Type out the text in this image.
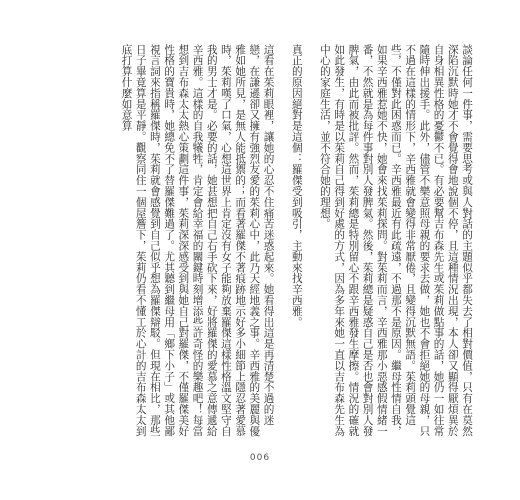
談論任何一件事，需要思考或與人對話的主題似乎都失去了相對價值，只有在莫然深陷沉默時她才不會覺得會地說個不停，且這種情況出現，本人卻又顯得厭煩異於自身相異性格的憂鬱不已。有必要幫吉布森先生或茱莉做點事的話，她仍一如往常隨時伸出援手。此外，儘管不樂意照母親的要求去做，她也不會拒絕她的母親，只不過在這樣的情形下，辛西雅就會變得非常厭倦，且變得沉默無語。茱莉頭覺這些，不僅對此困惑而已。辛西雅最近有此疏遠，不過那不是原因。繼母性情自我，如果辛西雅惹她不快，她會來找茱莉探問。對茱莉而言，辛西雅那小惡感假情緒一番，不然就是為每件事對別人發脾氣。然後，茱莉總是疑惑自己是否也會對別人發脾氣，由此而被批評。然而，茱莉總是特別留心不跟辛西雅發生摩擦。情況的確就如此發生，有時是以茱莉自己得到好處的方式，因為多年來她一直以吉布森先生為中心的家庭生活，並不符合她的理想。

真正的原因絕對是這個：羅傑受到吸引，主動來找辛西雅。

這看在茱莉眼裡，讓她的心忍不住痛苦迷惑起來。她看得出這是再清楚不過的迷戀，在謙遜卻又擁有強烈友愛的茱莉心中，此乃天經地義之事。辛西雅的美麗與優雅如她所見，是無人能抵禦的；而看著羅傑不著痕跡地示好多小細節上隱忍著愛慕時，茱莉嘆了口氣，心想這世界上肯定沒有女子能夠放棄羅傑這樣性格溫文堅守自我的男士才是。必要的話，她甚想把自己右手砍下來，好將羅傑的愛慕之意傳遞給辛西雅。這樣的自我犧牲，肯定會給幸福的關鍵時刻增添些許奇怪的樂趣吧！每當想到吉布森太太熱心策劃這件事，茱莉深深感受到與她自己對羅傑，不僅羅傑美好性格的寶貴時，她總免不了替羅傑難過了。尤其聽到繼母用「鄉下小子」或其他鄙視言詞來指稱羅傑時，茱莉就會感覺到自己似乎想為羅傑辯駁。但現在相比，那些日子畢竟算是平靜。觀察同住一個屋簷下，茱莉仍看不懂工於心計的吉布森太太到底打算什麼如意算

006
